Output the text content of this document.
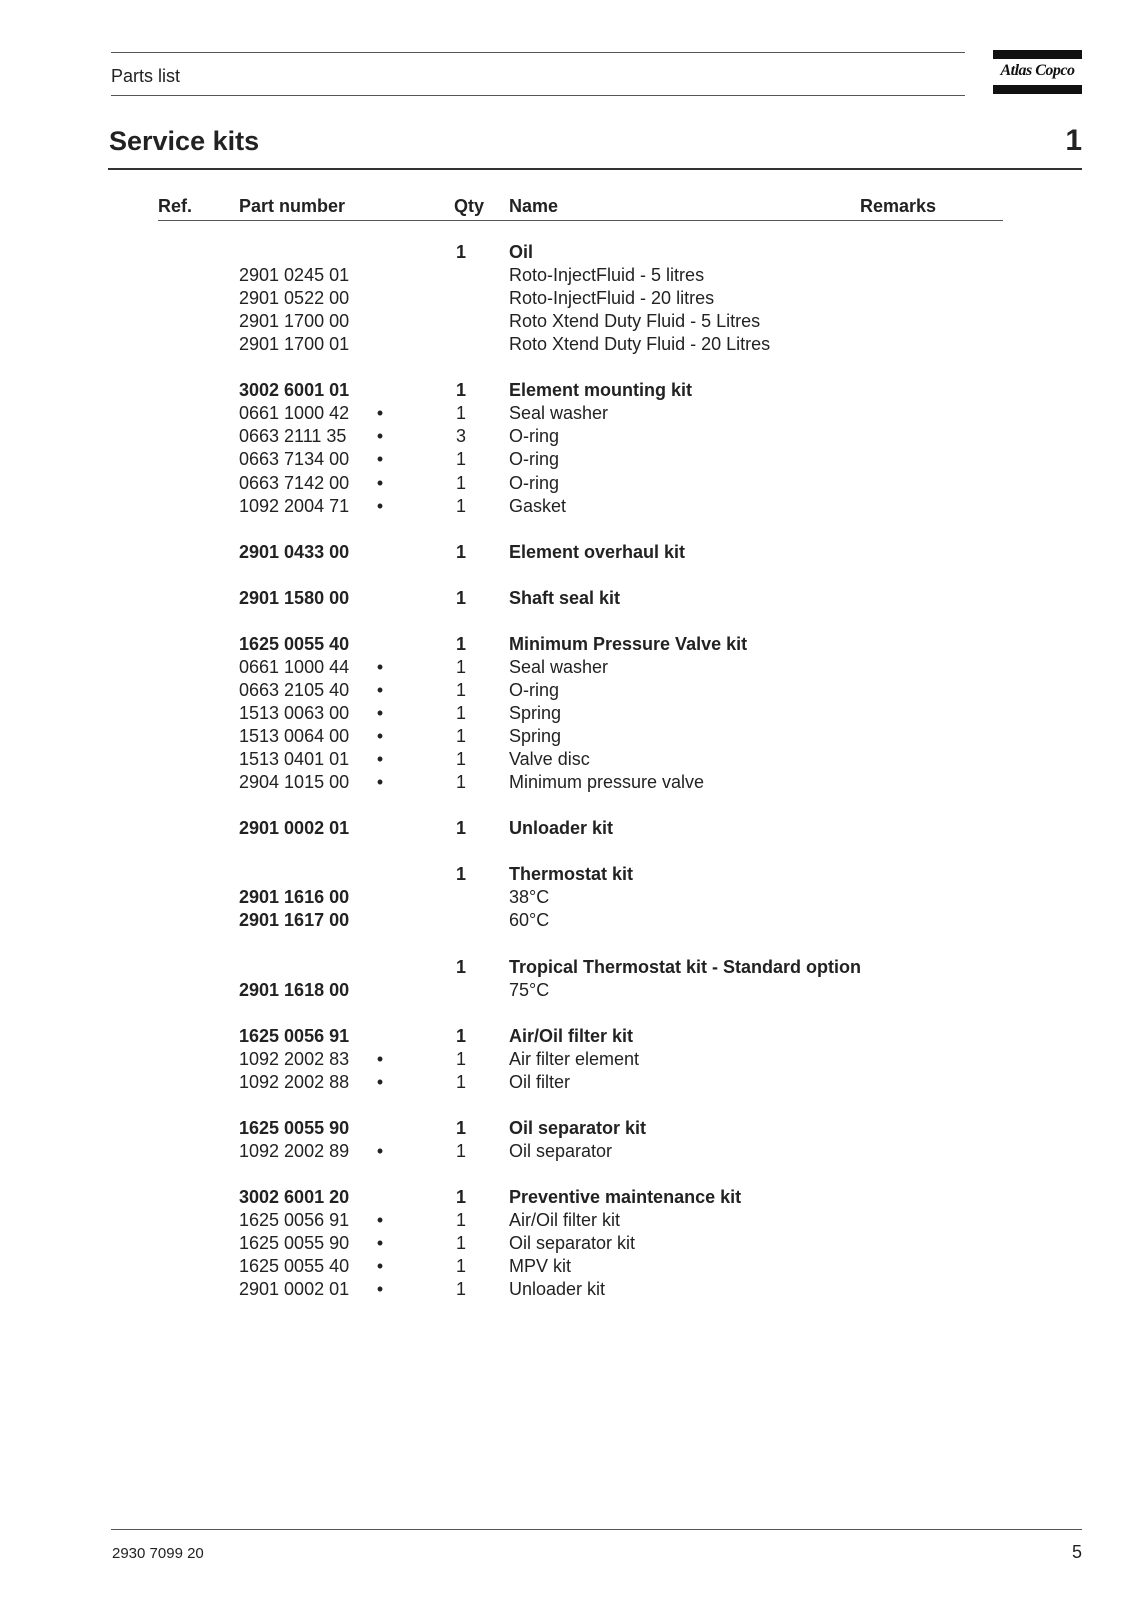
Parts list	Atlas Copco
Service kits	1
Ref.	Part number	Qty Name	Remarks
1	Oil
2901 0245 01	Roto-InjectFluid - 5 litres
2901 0522 00	Roto-InjectFluid - 20 litres
2901 1700 00	Roto Xtend Duty Fluid - 5 Litres
2901 1700 01	Roto Xtend Duty Fluid - 20 Litres
3002 6001 01	1	Element mounting kit
0661 1000 42 •	1	Seal washer
0663 2111 35 •	3	O-ring
0663 7134 00 •	1	O-ring
0663 7142 00 •	1	O-ring
1092 2004 71 •	1	Gasket
2901 0433 00	1	Element overhaul kit
2901 1580 00	1	Shaft seal kit
1625 0055 40	1	Minimum Pressure Valve kit
0661 1000 44 •	1	Seal washer
0663 2105 40 •	1	O-ring
1513 0063 00 •	1	Spring
1513 0064 00 •	1	Spring
1513 0401 01 •	1	Valve disc
2904 1015 00 •	1	Minimum pressure valve
2901 0002 01	1	Unloader kit
1	Thermostat kit
2901 1616 00	38°C
2901 1617 00	60°C
1	Tropical Thermostat kit - Standard option
2901 1618 00	75°C
1625 0056 91	1	Air/Oil filter kit
1092 2002 83 •	1	Air filter element
1092 2002 88 •	1	Oil filter
1625 0055 90	1	Oil separator kit
1092 2002 89 •	1	Oil separator
3002 6001 20	1	Preventive maintenance kit
1625 0056 91 •	1	Air/Oil filter kit
1625 0055 90 •	1	Oil separator kit
1625 0055 40 •	1	MPV kit
2901 0002 01 •	1	Unloader kit
2930 7099 20	5
